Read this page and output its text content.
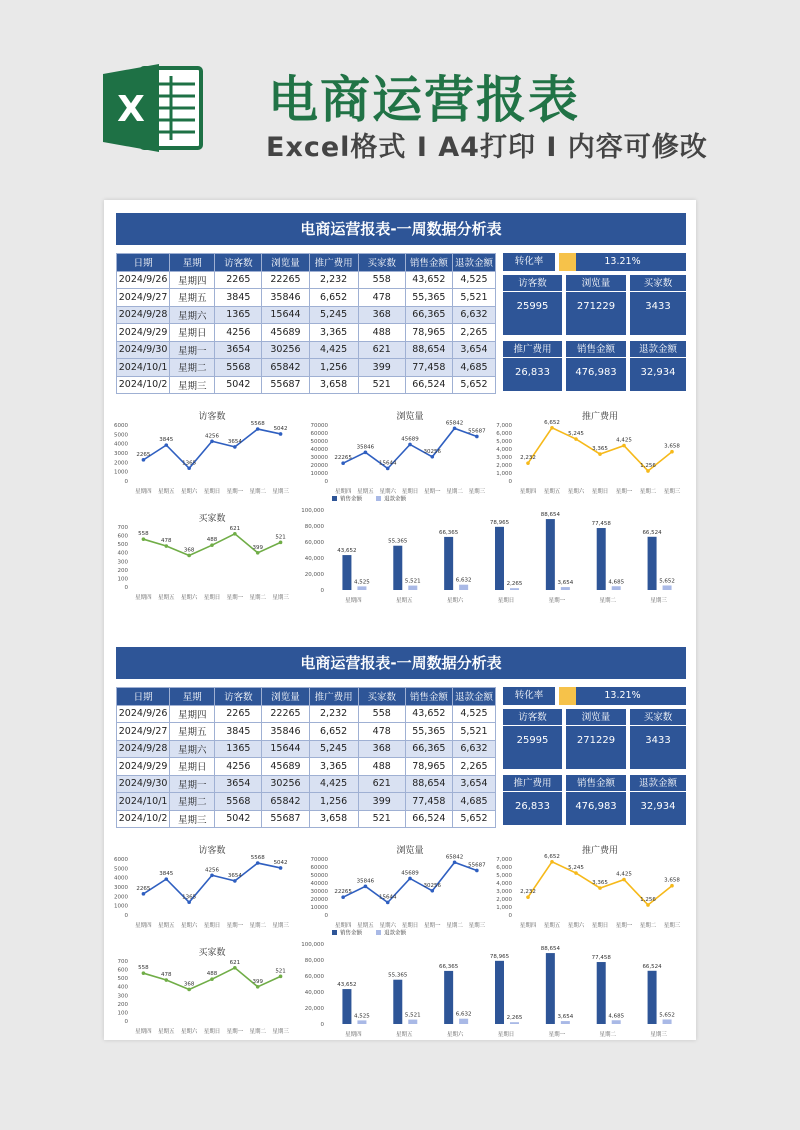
X 电商运营报表
Excel格式 I A4打印 I 内容可修改
电商运营报表-一周数据分析表
日期	星期	访客数	浏览量	推广费用	买家数	销售金额	退款金额
2024/9/26	星期四	2265	22265	2,232	558	43,652	4,525
2024/9/27	星期五	3845	35846	6,652	478	55,365	5,521
2024/9/28	星期六	1365	15644	5,245	368	66,365	6,632
2024/9/29	星期日	4256	45689	3,365	488	78,965	2,265
2024/9/30	星期一	3654	30256	4,425	621	88,654	3,654
2024/10/1	星期二	5568	65842	1,256	399	77,458	4,685
2024/10/2	星期三	5042	55687	3,658	521	66,524	5,652
转化率	13.21%
访客数
25995
浏览量
271229
买家数
3433
推广费用
26,833
销售金额
476,983
退款金额
32,934
访客数
6000
5000
4000
3000
2000
1000
0
2265
星期四
3845
星期五
1365
星期六
4256
星期日
3654
星期一
5568
星期二
5042
星期三
浏览量
70000
60000
50000
40000
30000
20000
10000
0
22265
星期四
35846
星期五
15644
星期六
45689
星期日
30256
星期一
65842
星期二
55687
星期三
推广费用
7,000
6,000
5,000
4,000
3,000
2,000
1,000
0
2,232
星期四
6,652
星期五
5,245
星期六
3,365
星期日
4,425
星期一
1,256
星期二
3,658
星期三
买家数
700
600
500
400
300
200
100
0
558
星期四
478
星期五
368
星期六
488
星期日
621
星期一
399
星期二
521
星期三
销售金额	退款金额
100,000
80,000
60,000
40,000
20,000
0
43,652
4,525
星期四
55,365
5,521
星期五
66,365
6,632
星期六
78,965
2,265
星期日
88,654
3,654
星期一
77,458
4,685
星期二
66,524
5,652
星期三
电商运营报表-一周数据分析表
日期	星期	访客数	浏览量	推广费用	买家数	销售金额	退款金额
2024/9/26	星期四	2265	22265	2,232	558	43,652	4,525
2024/9/27	星期五	3845	35846	6,652	478	55,365	5,521
2024/9/28	星期六	1365	15644	5,245	368	66,365	6,632
2024/9/29	星期日	4256	45689	3,365	488	78,965	2,265
2024/9/30	星期一	3654	30256	4,425	621	88,654	3,654
2024/10/1	星期二	5568	65842	1,256	399	77,458	4,685
2024/10/2	星期三	5042	55687	3,658	521	66,524	5,652
转化率	13.21%
访客数
25995
浏览量
271229
买家数
3433
推广费用
26,833
销售金额
476,983
退款金额
32,934
访客数
6000
5000
4000
3000
2000
1000
0
2265
星期四
3845
星期五
1365
星期六
4256
星期日
3654
星期一
5568
星期二
5042
星期三
浏览量
70000
60000
50000
40000
30000
20000
10000
0
22265
星期四
35846
星期五
15644
星期六
45689
星期日
30256
星期一
65842
星期二
55687
星期三
推广费用
7,000
6,000
5,000
4,000
3,000
2,000
1,000
0
2,232
星期四
6,652
星期五
5,245
星期六
3,365
星期日
4,425
星期一
1,256
星期二
3,658
星期三
买家数
700
600
500
400
300
200
100
0
558
星期四
478
星期五
368
星期六
488
星期日
621
星期一
399
星期二
521
星期三
销售金额	退款金额
100,000
80,000
60,000
40,000
20,000
0
43,652
4,525
星期四
55,365
5,521
星期五
66,365
6,632
星期六
78,965
2,265
星期日
88,654
3,654
星期一
77,458
4,685
星期二
66,524
5,652
星期三
